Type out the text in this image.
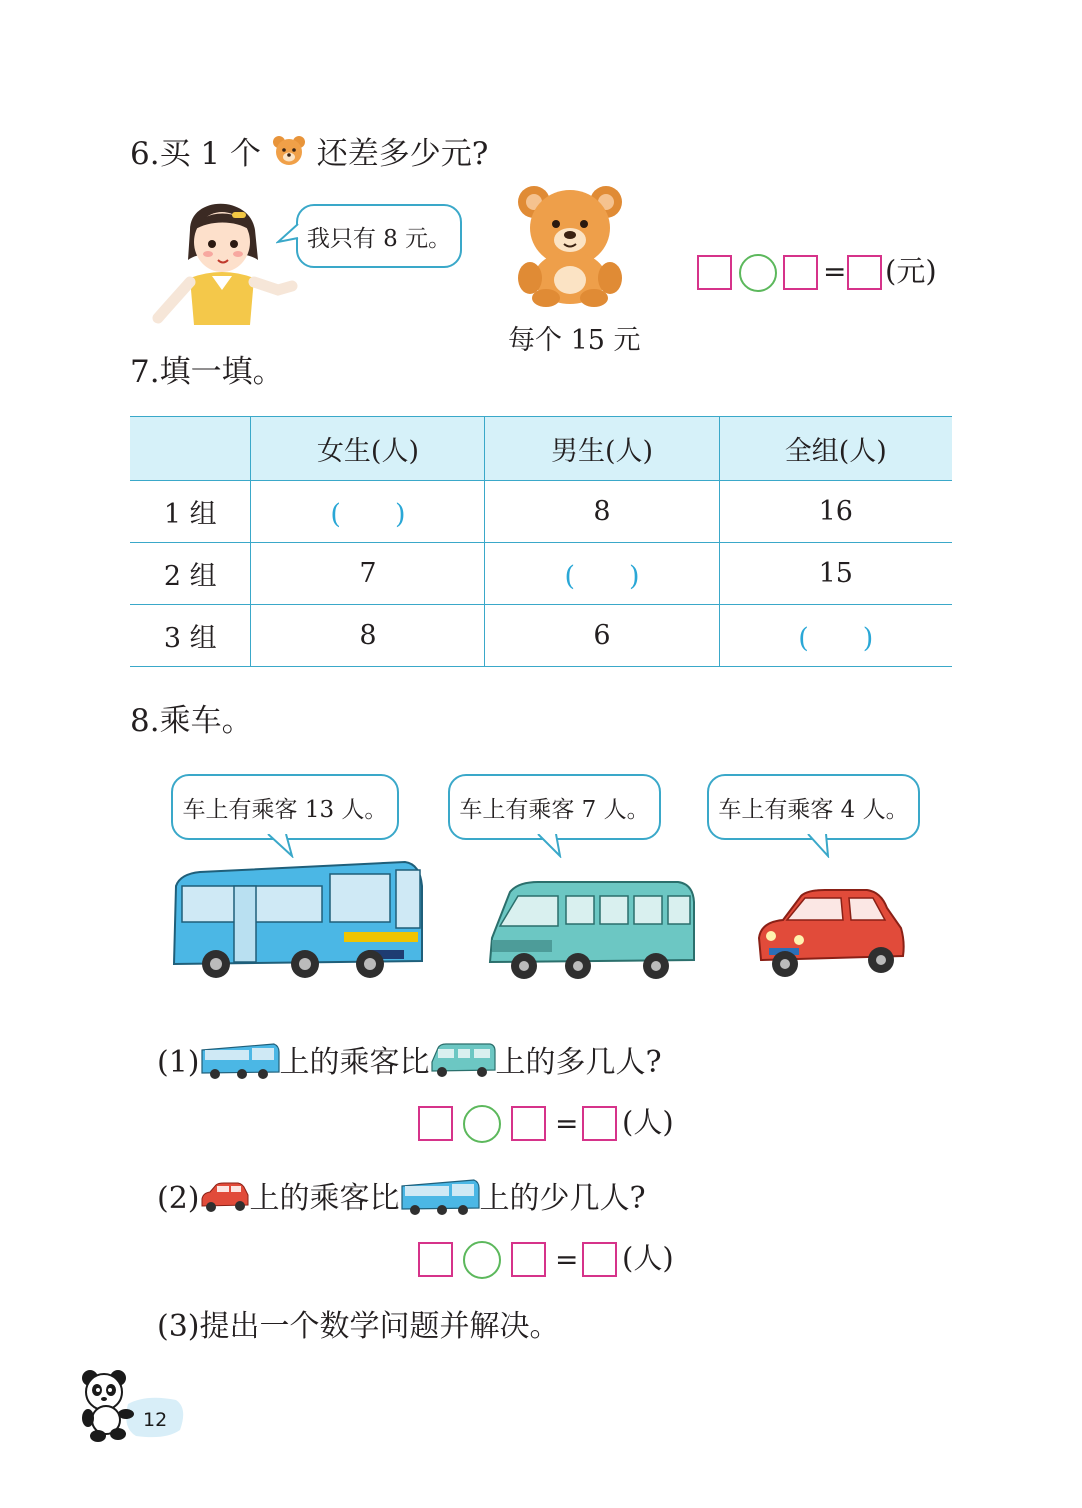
6.买 1 个 还差多少元?
我只有 8 元。
每个 15 元
= (元)
7.填一填。
	女生(人)	男生(人)	全组(人)
1 组	(　　)	8	16
2 组	7	(　　)	15
3 组	8	6	(　　)
8.乘车。
车上有乘客 13 人。	车上有乘客 7 人。	车上有乘客 4 人。
(1)	上的乘客比 上的多几人?
= (人)
(2) 上的乘客比	上的少几人?
= (人)
(3)提出一个数学问题并解决。
12
